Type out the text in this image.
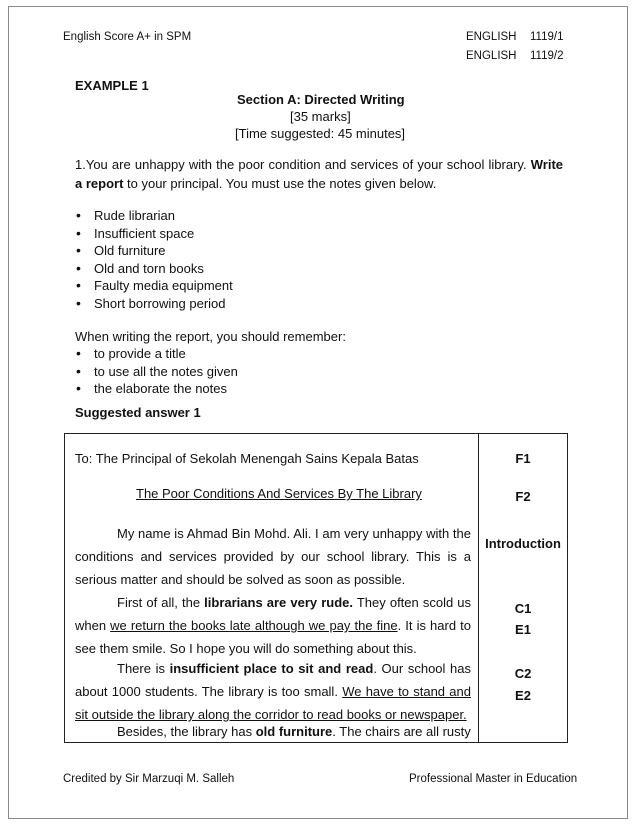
English Score A+ in SPM	ENGLISH 1119/1
ENGLISH 1119/2
EXAMPLE 1
Section A: Directed Writing
[35 marks]
[Time suggested: 45 minutes]
1.You are unhappy with the poor condition and services of your school library. Write a report to your principal. You must use the notes given below.
• Rude librarian
• Insufficient space
• Old furniture
• Old and torn books
• Faulty media equipment
• Short borrowing period
When writing the report, you should remember:
• to provide a title
• to use all the notes given
• the elaborate the notes
Suggested answer 1
To: The Principal of Sekolah Menengah Sains Kepala Batas
The Poor Conditions And Services By The Library
My name is Ahmad Bin Mohd. Ali. I am very unhappy with the conditions and services provided by our school library. This is a serious matter and should be solved as soon as possible.
First of all, the librarians are very rude. They often scold us when we return the books late although we pay the fine. It is hard to see them smile. So I hope you will do something about this.
There is insufficient place to sit and read. Our school has about 1000 students. The library is too small. We have to stand and sit outside the library along the corridor to read books or newspaper.
Besides, the library has old furniture. The chairs are all rusty
F1
F2
Introduction
C1
E1
C2
E2
Credited by Sir Marzuqi M. Salleh	Professional Master in Education
